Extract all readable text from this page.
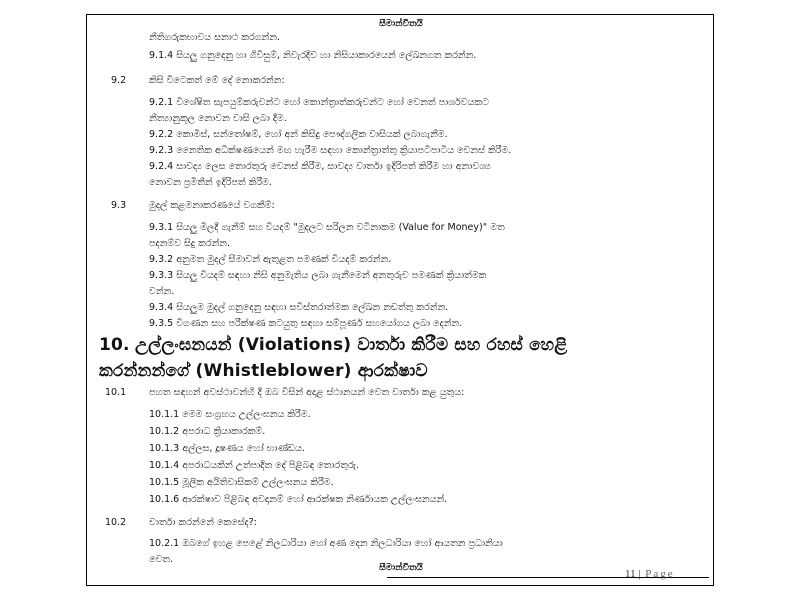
සීමාන්විතයි
නීතිගරුකභාවය සනාථ කරගන්න.
9.1.4 සියලු ගනුදෙනු හා ගිවිසුම්, නිවැරදිව හා නිසියාකාරයෙන් ලේඛනගත කරන්න.
9.2 කිසි විටෙකත් මේ දේ නොකරන්න:
9.2.1 විශේෂිත සැපයුම්කරුවන්ට හෝ කොන්ත්‍රාත්කරුවන්ට හෝ වෙනත් පාර්ශවයකට
නීත්‍යානුකූල නොවන වාසි ලබා දීම.
9.2.2 කොමිස්, සන්තෝෂම්, හෝ අන් කිසිදු පෞද්ගලික වාසියක් ලබාගැනීම.
9.2.3 නෛතික අධීක්ෂණයෙන් මඟ හැරීම සඳහා කොන්ත්‍රාත්තු ක්‍රියාපටිපාටිය වෙනස් කිරීම.
9.2.4 සාවද්‍ය ලෙස තොරතුරු වෙනස් කිරීම, සාවද්‍ය වාර්තා ඉදිරිපත් කිරීම හා අනාවශ්‍ය
නොවන ප්‍රමිතීන් ඉදිරිපත් කිරීම.
9.3 මුදල් කළමනාකරණයේ වගකීම්:
9.3.1 සියලු මිලදී ගැනීම් සහ වියදම් "මුදලට සරිලන වටිනාකම (Value for Money)" මත
පදනම්ව සිදු කරන්න.
9.3.2 අනුමත මුදල් සීමාවන් ඇතුළත පමණක් වියදම් කරන්න.
9.3.3 සියලු වියදම් සඳහා නිසි අනුමැතිය ලබා ගැනීමෙන් අනතුරුව පමණක් ක්‍රියාත්මක
වන්න.
9.3.4 සියලුම මුදල් ගනුදෙනු සඳහා සවිස්තරාත්මක ලේඛන නඩත්තු කරන්න.
9.3.5 විගණන සහ පරීක්ෂණ කටයුතු සඳහා සම්පූර්ණ සහයෝගය ලබා දෙන්න.
10. උල්ලංඝනයන් (Violations) වාර්තා කිරීම සහ රහස් හෙළි
කරන්නන්ගේ (Whistleblower) ආරක්ෂාව
10.1 පහත සඳහන් අවස්ථාවන්හි දී ඔබ විසින් අදාළ ස්ථානයන් වෙත වාර්තා කළ යුතුය:
10.1.1 මෙම සංග්‍රහය උල්ලංඝනය කිරීම.
10.1.2 අපරාධ ක්‍රියාකාරකම්.
10.1.3 අල්ලස, දූෂණය හෝ භාණ්ඩය.
10.1.4 අපරාධයකින් උත්පාදිත දේ පිළිබඳ තොරතුරු.
10.1.5 මූලික අයිතිවාසිකම් උල්ලංඝනය කිරීම.
10.1.6 ආරක්ෂාව පිළිබඳ අවදානම් හෝ ආරක්ෂක නිර්ණායක උල්ලංඝනයන්.
10.2 වාර්තා කරන්නේ කෙසේද?:
10.2.1 ඔබගේ ඉහළ පෙළේ නිලධාරියා හෝ අණ දෙන නිලධාරියා හෝ ආයතන ප්‍රධානියා
වෙත.
සීමාන්විතයි	11 | Page
